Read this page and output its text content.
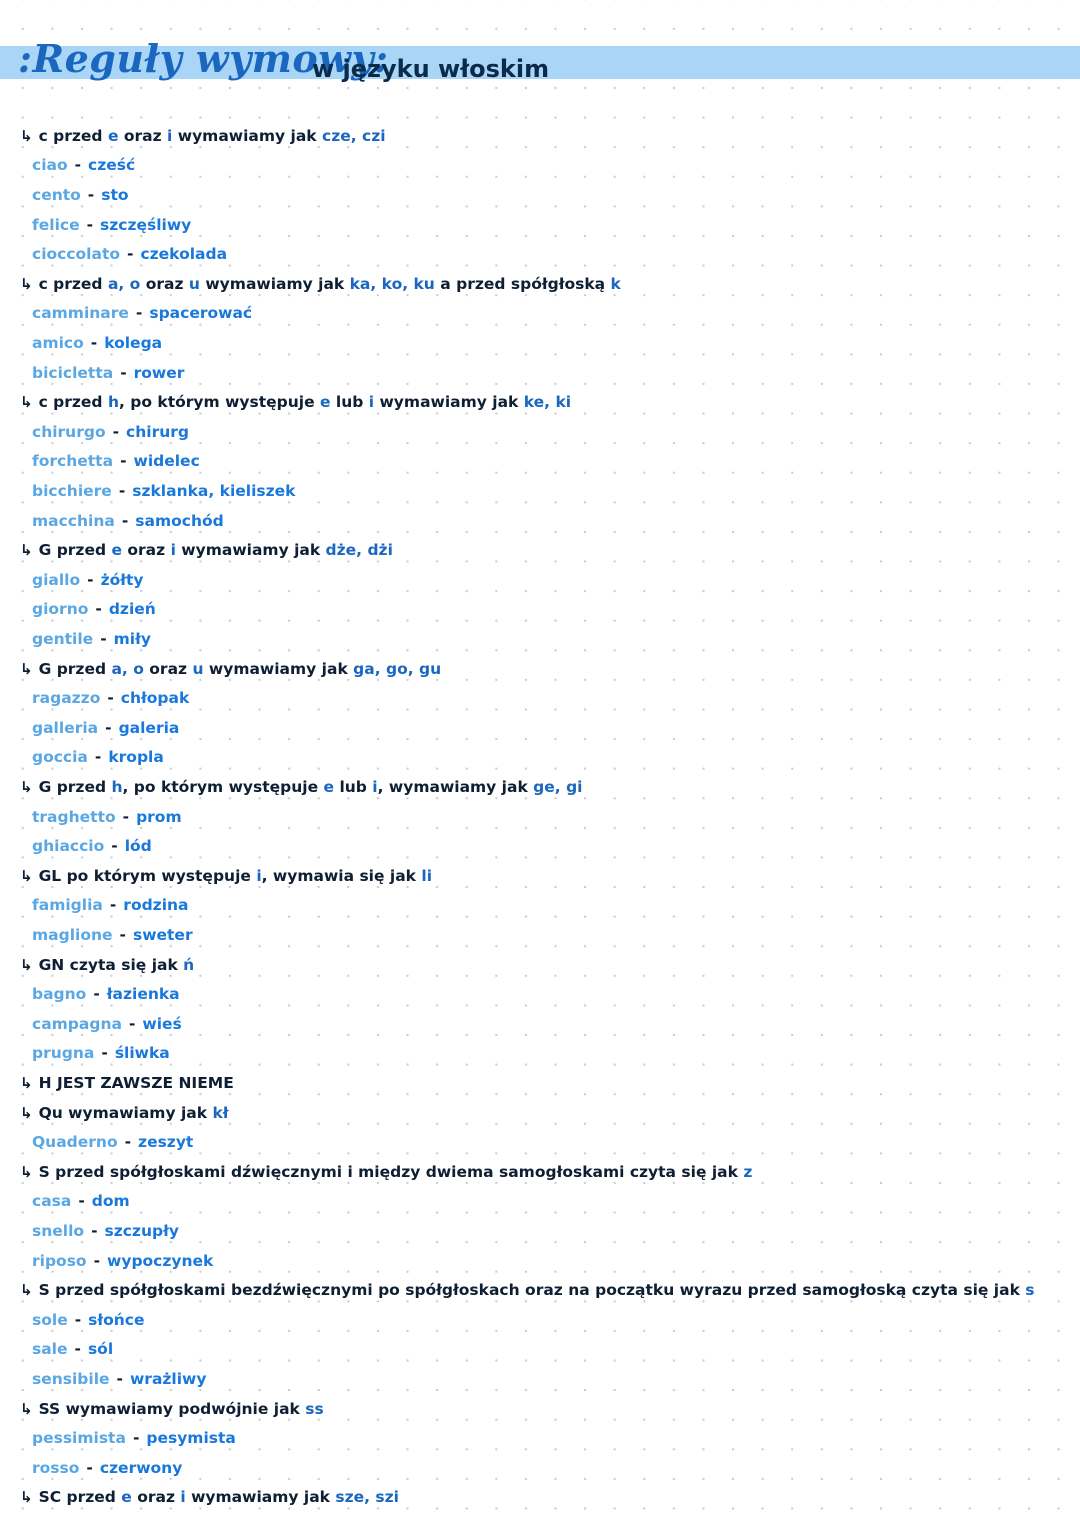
:Reguły wymowy:
w języku włoskim
↳ c przed e oraz i wymawiamy jak cze, czi
ciao - cześć
cento - sto
felice - szczęśliwy
cioccolato - czekolada
↳ c przed a, o oraz u wymawiamy jak ka, ko, ku a przed spółgłoską k
camminare - spacerować
amico - kolega
bicicletta - rower
↳ c przed h , po którym występuje e lub i wymawiamy jak ke, ki
chirurgo - chirurg
forchetta - widelec
bicchiere - szklanka, kieliszek
macchina - samochód
↳ G przed e oraz i wymawiamy jak dże, dżi
giallo - żółty
giorno - dzień
gentile - miły
↳ G przed a, o oraz u wymawiamy jak ga, go, gu
ragazzo - chłopak
galleria - galeria
goccia - kropla
↳ G przed h , po którym występuje e lub i , wymawiamy jak ge, gi
traghetto - prom
ghiaccio - lód
↳ GL po którym występuje i , wymawia się jak li
famiglia - rodzina
maglione - sweter
↳ GN czyta się jak ń
bagno - łazienka
campagna - wieś
prugna - śliwka
↳ H JEST ZAWSZE NIEME
↳ Qu wymawiamy jak kł
Quaderno - zeszyt
↳ S przed spółgłoskami dźwięcznymi i między dwiema samogłoskami czyta się jak z
casa - dom
snello - szczupły
riposo - wypoczynek
↳ S przed spółgłoskami bezdźwięcznymi po spółgłoskach oraz na początku wyrazu przed samogłoską czyta się jak s
sole - słońce
sale - sól
sensibile - wrażliwy
↳ SS wymawiamy podwójnie jak ss
pessimista - pesymista
rosso - czerwony
↳ SC przed e oraz i wymawiamy jak sze, szi
